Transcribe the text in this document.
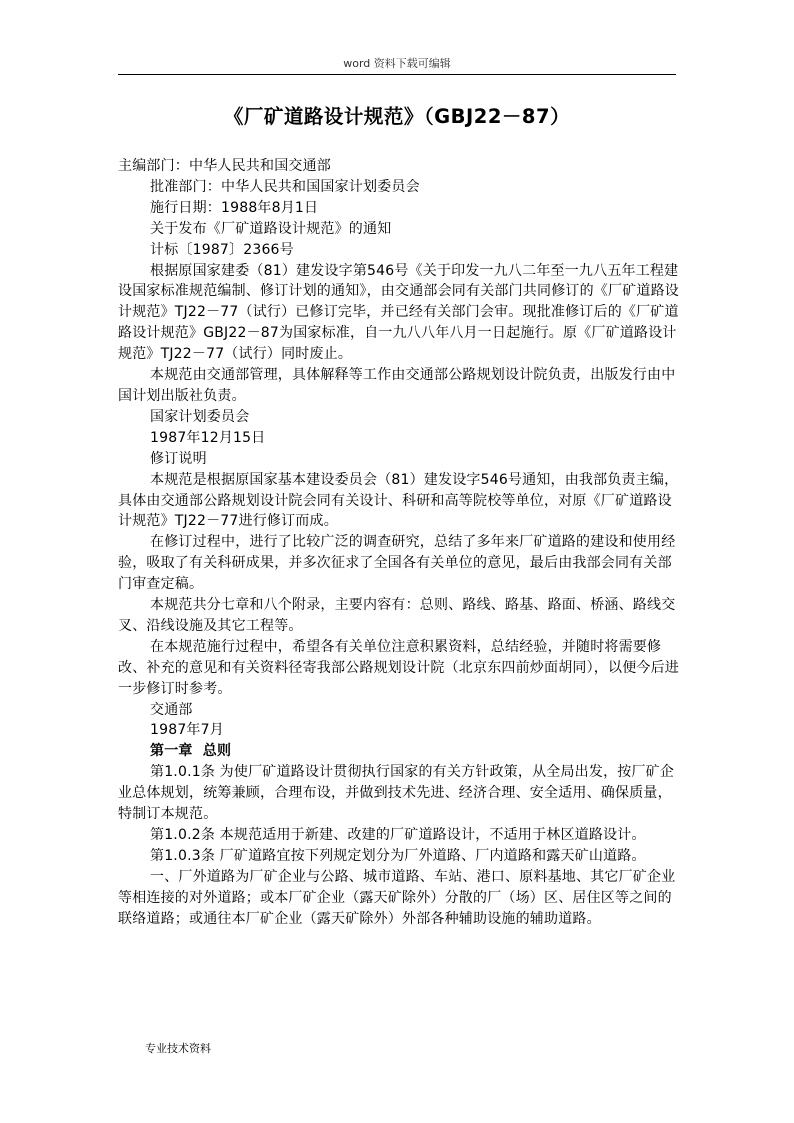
word 资料下载可编辑
《厂矿道路设计规范》（GBJ22－87）

主编部门：中华人民共和国交通部

批准部门：中华人民共和国国家计划委员会

施行日期：1988年8月1日

关于发布《厂矿道路设计规范》的通知

计标〔1987〕2366号

根据原国家建委（81）建发设字第546号《关于印发一九八二年至一九八五年工程建设国家标准规范编制、修订计划的通知》，由交通部会同有关部门共同修订的《厂矿道路设计规范》TJ22－77（试行）已修订完毕，并已经有关部门会审。现批准修订后的《厂矿道路设计规范》GBJ22－87为国家标准，自一九八八年八月一日起施行。原《厂矿道路设计规范》TJ22－77（试行）同时废止。

本规范由交通部管理，具体解释等工作由交通部公路规划设计院负责，出版发行由中国计划出版社负责。

国家计划委员会

1987年12月15日

修订说明

本规范是根据原国家基本建设委员会（81）建发设字546号通知，由我部负责主编，具体由交通部公路规划设计院会同有关设计、科研和高等院校等单位，对原《厂矿道路设计规范》TJ22－77进行修订而成。

在修订过程中，进行了比较广泛的调查研究，总结了多年来厂矿道路的建设和使用经验，吸取了有关科研成果，并多次征求了全国各有关单位的意见，最后由我部会同有关部门审查定稿。

本规范共分七章和八个附录，主要内容有：总则、路线、路基、路面、桥涵、路线交叉、沿线设施及其它工程等。

在本规范施行过程中，希望各有关单位注意积累资料，总结经验，并随时将需要修改、补充的意见和有关资料径寄我部公路规划设计院（北京东四前炒面胡同），以便今后进一步修订时参考。

交通部

1987年7月

第一章  总则

第1.0.1条 为使厂矿道路设计贯彻执行国家的有关方针政策，从全局出发，按厂矿企业总体规划，统筹兼顾，合理布设，并做到技术先进、经济合理、安全适用、确保质量，特制订本规范。

第1.0.2条 本规范适用于新建、改建的厂矿道路设计，不适用于林区道路设计。

第1.0.3条 厂矿道路宜按下列规定划分为厂外道路、厂内道路和露天矿山道路。

一、厂外道路为厂矿企业与公路、城市道路、车站、港口、原料基地、其它厂矿企业等相连接的对外道路；或本厂矿企业（露天矿除外）分散的厂（场）区、居住区等之间的联络道路；或通往本厂矿企业（露天矿除外）外部各种辅助设施的辅助道路。

专业技术资料
